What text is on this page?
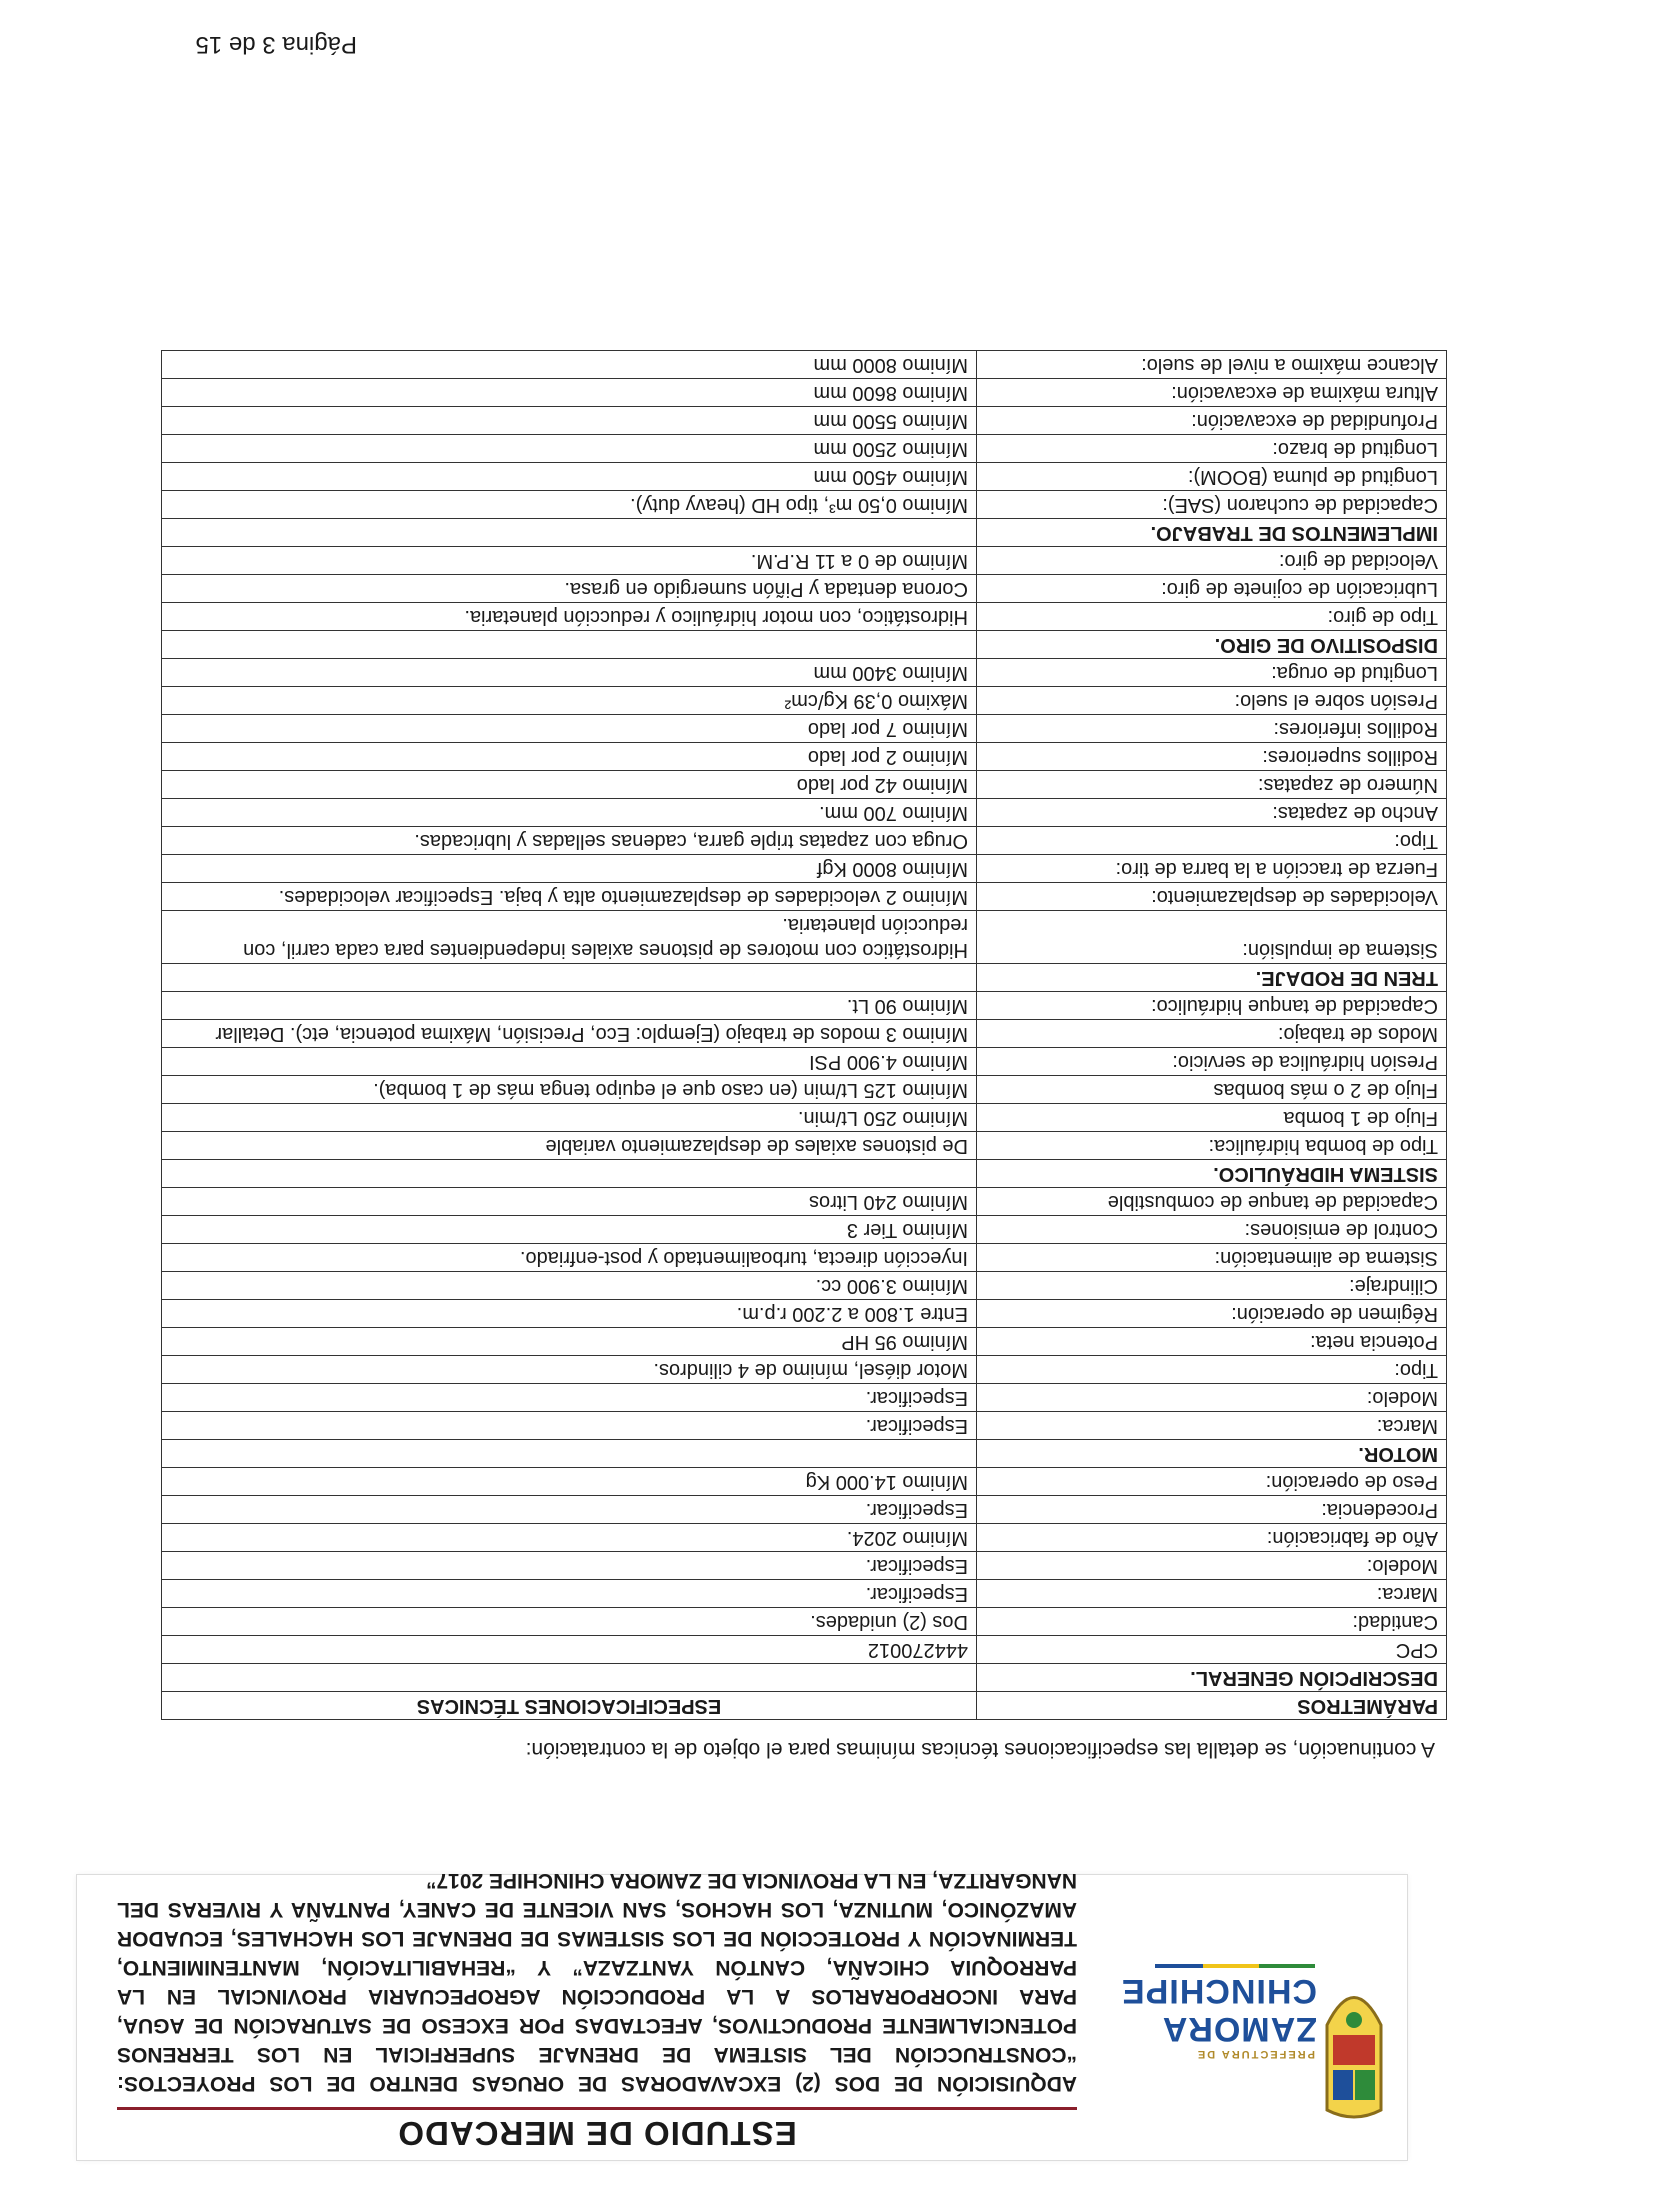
PREFECTURA DE
ZAMORA
CHINCHIPE
ESTUDIO DE MERCADO
ADQUISICIÓN DE DOS (2) EXCAVADORAS DE ORUGAS DENTRO DE LOS PROYECTOS: “CONSTRUCCIÓN DEL SISTEMA DE DRENAJE SUPERFICIAL EN LOS TERRENOS POTENCIALMENTE PRODUCTIVOS, AFECTADAS POR EXCESO DE SATURACIÓN DE AGUA, PARA INCORPORARLOS A LA PRODUCCIÓN AGROPECUARIA PROVINCIAL EN LA PARROQUIA CHICAÑA, CANTÓN YANTZAZA” Y “REHABILITACIÓN, MANTENIMIENTO, TERMINACIÓN Y PROTECCIÓN DE LOS SISTEMAS DE DRENAJE LOS HACHALES, ECUADOR AMAZÓNICO, MUTINZA, LOS HACHOS, SAN VICENTE DE CANEY, PANTAÑA Y RIVERAS DEL NANGARITZA, EN LA PROVINCIA DE ZAMORA CHINCHIPE 2017”
A continuación, se detalla las especificaciones técnicas mínimas para el objeto de la contratación:
PARÁMETROS	ESPECIFICACIONES TÉCNICAS
DESCRIPCIÓN GENERAL.	
CPC	444270012
Cantidad:	Dos (2) unidades.
Marca:	Especificar.
Modelo:	Especificar.
Año de fabricación:	Mínimo 2024.
Procedencia:	Especificar.
Peso de operación:	Mínimo 14.000 Kg
MOTOR.	
Marca:	Especificar.
Modelo:	Especificar.
Tipo:	Motor diésel, mínimo de 4 cilindros.
Potencia neta:	Mínimo 95 HP
Régimen de operación:	Entre 1.800 a 2.200 r.p.m.
Cilindraje:	Mínimo 3.900 cc.
Sistema de alimentación:	Inyección directa, turboalimentado y post-enfriado.
Control de emisiones:	Mínimo Tier 3
Capacidad de tanque de combustible	Mínimo 240 Litros
SISTEMA HIDRÁULICO.	
Tipo de bomba hidráulica:	De pistones axiales de desplazamiento variable
Flujo de 1 bomba	Mínimo 250 Lt/min.
Flujo de 2 o más bombas	Mínimo 125 Lt/min (en caso que el equipo tenga más de 1 bomba).
Presión hidráulica de servicio:	Mínimo 4.900 PSI
Modos de trabajo:	Mínimo 3 modos de trabajo (Ejemplo: Eco, Precisión, Máxima potencia, etc). Detallar
Capacidad de tanque hidráulico:	Mínimo 90 Lt.
TREN DE RODAJE.	
Sistema de impulsión:	Hidrostático con motores de pistones axiales independientes para cada carril, con reducción planetaria.
Velocidades de desplazamiento:	Mínimo 2 velocidades de desplazamiento alta y baja. Especificar velocidades.
Fuerza de tracción a la barra de tiro:	Mínimo 8000 Kgf
Tipo:	Oruga con zapatas triple garra, cadenas selladas y lubricadas.
Ancho de zapatas:	Mínimo 700 mm.
Número de zapatas:	Mínimo 42 por lado
Rodillos superiores:	Mínimo 2 por lado
Rodillos inferiores:	Mínimo 7 por lado
Presión sobre el suelo:	Máximo 0,39 Kg/cm²
Longitud de oruga:	Mínimo 3400 mm
DISPOSITIVO DE GIRO.	
Tipo de giro:	Hidrostático, con motor hidráulico y reducción planetaria.
Lubricación de cojinete de giro:	Corona dentada y Piñón sumergido en grasa.
Velocidad de giro:	Mínimo de 0 a 11 R.P.M.
IMPLEMENTOS DE TRABAJO.	
Capacidad de cucharon (SAE):	Mínimo 0,50 m³, tipo HD (heavy duty).
Longitud de pluma (BOOM):	Mínimo 4500 mm
Longitud de brazo:	Mínimo 2500 mm
Profundidad de excavación:	Mínimo 5500 mm
Altura máxima de excavación:	Mínimo 8600 mm
Alcance máximo a nivel de suelo:	Mínimo 8000 mm
Página 3 de 15
